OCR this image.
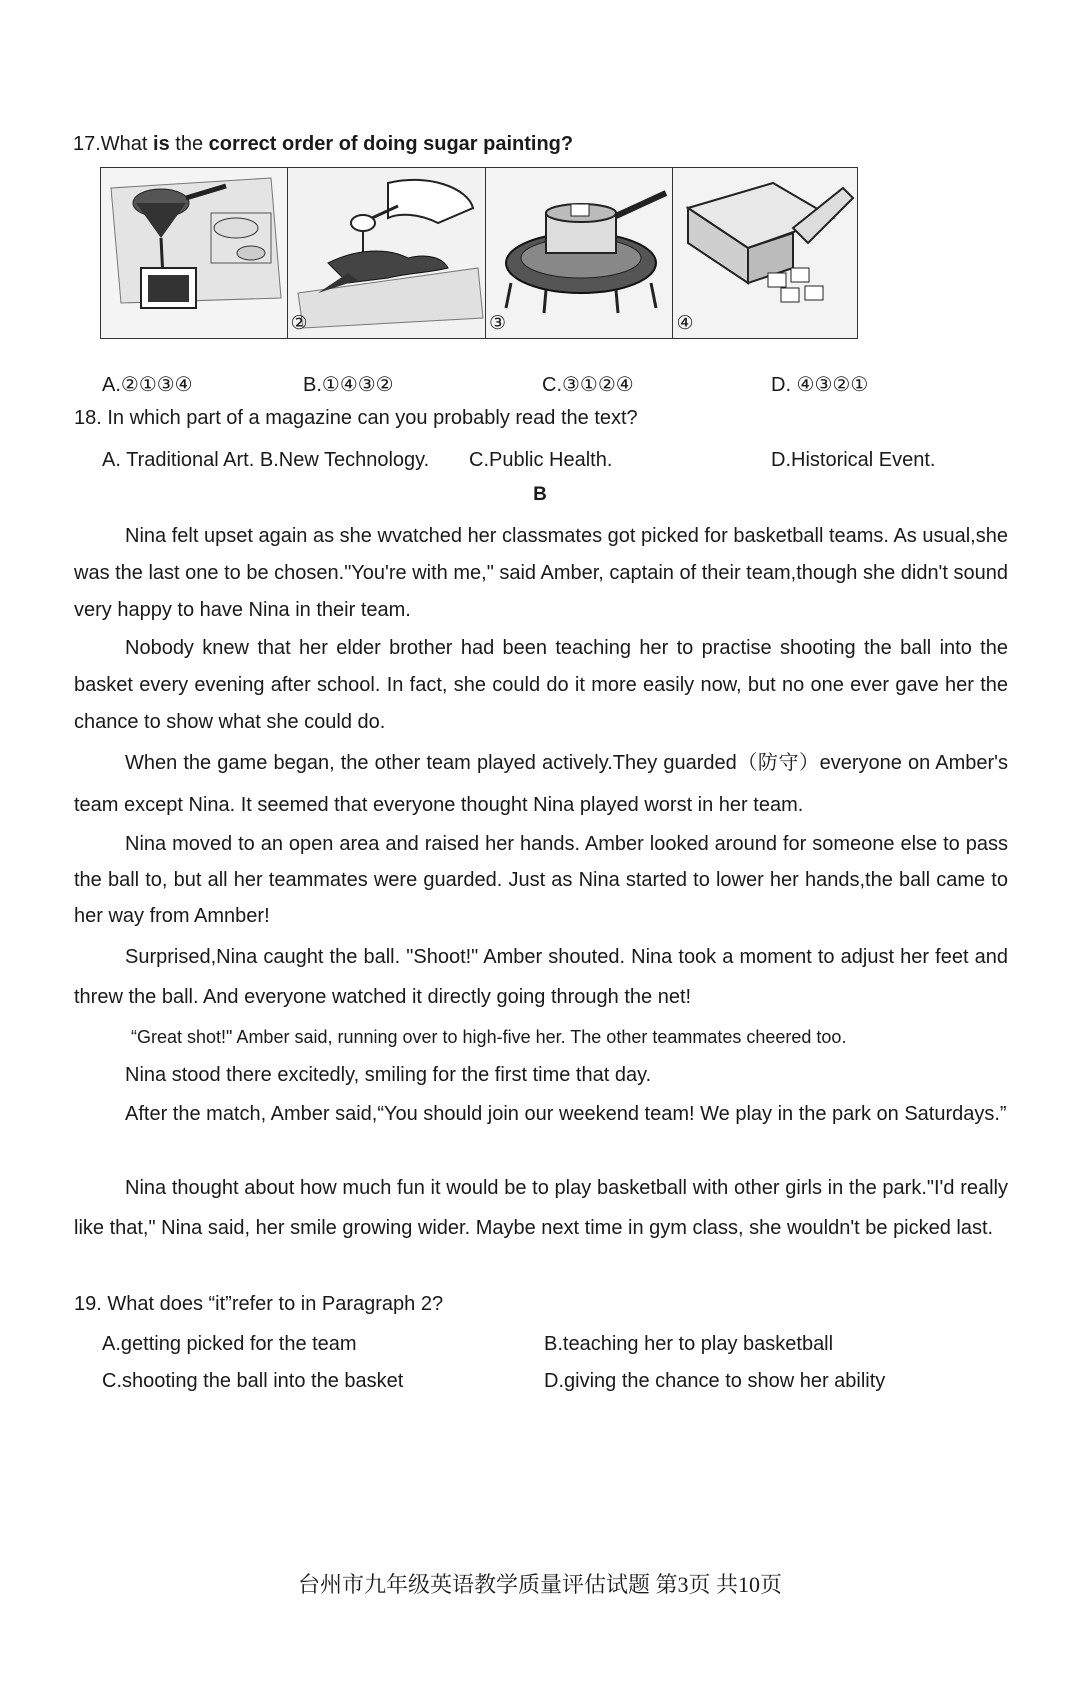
17.What is the correct order of doing sugar painting?
②	③	④
A.②①③④	B.①④③②	C.③①②④	D. ④③②①
18. In which part of a magazine can you probably read the text?
A. Traditional Art. B.New Technology. C.Public Health.	D.Historical Event.
B
Nina felt upset again as she wvatched her classmates got picked for basketball teams. As usual,she was the last one to be chosen."You're with me," said Amber, captain of their team,though she didn't sound very happy to have Nina in their team.
Nobody knew that her elder brother had been teaching her to practise shooting the ball into the basket every evening after school. In fact, she could do it more easily now, but no one ever gave her the chance to show what she could do.
When the game began, the other team played actively.They guarded（防守）everyone on Amber's team except Nina. It seemed that everyone thought Nina played worst in her team.
Nina moved to an open area and raised her hands. Amber looked around for someone else to pass the ball to, but all her teammates were guarded. Just as Nina started to lower her hands,the ball came to her way from Amnber!
Surprised,Nina caught the ball. "Shoot!" Amber shouted. Nina took a moment to adjust her feet and threw the ball. And everyone watched it directly going through the net!
“Great shot!" Amber said, running over to high-five her. The other teammates cheered too.
Nina stood there excitedly, smiling for the first time that day.
After the match, Amber said,“You should join our weekend team! We play in the park on Saturdays.”
Nina thought about how much fun it would be to play basketball with other girls in the park."I'd really like that," Nina said, her smile growing wider. Maybe next time in gym class, she wouldn't be picked last.
19. What does “it”refer to in Paragraph 2?
A.getting picked for the team	B.teaching her to play basketball
C.shooting the ball into the basket	D.giving the chance to show her ability
台州市九年级英语教学质量评估试题 第3页 共10页
